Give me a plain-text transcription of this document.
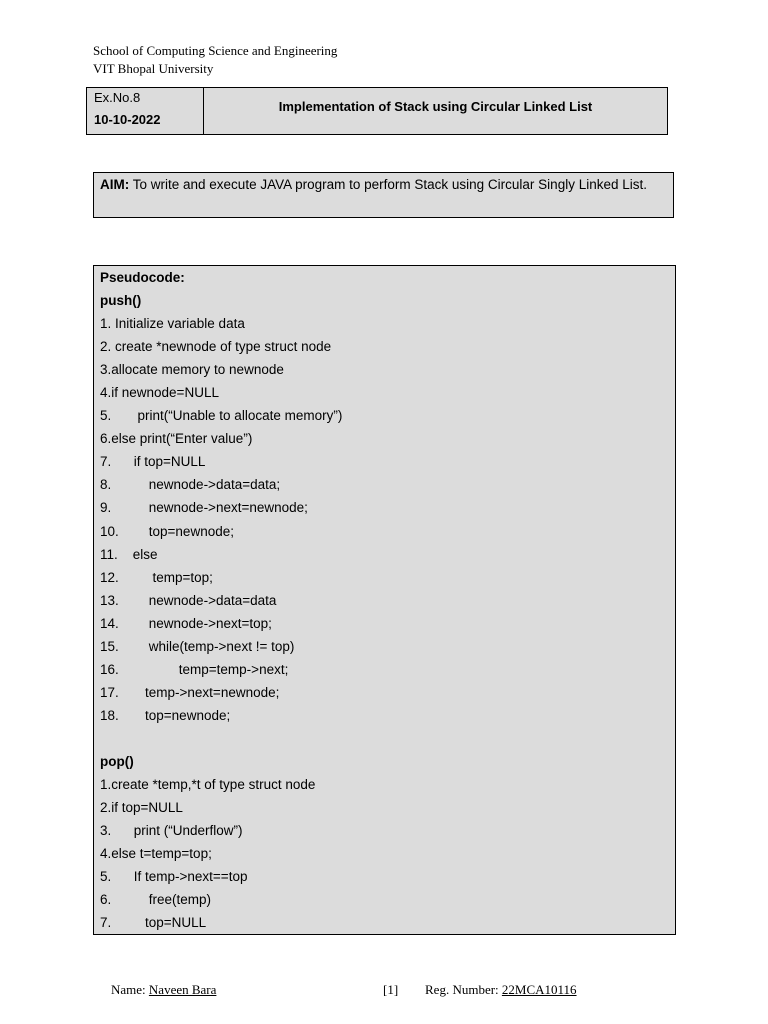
School of Computing Science and Engineering
VIT Bhopal University
Ex.No.8
10-10-2022
Implementation of Stack using Circular Linked List
AIM: To write and execute JAVA program to perform Stack using Circular Singly Linked List.
Pseudocode:
push()
1. Initialize variable data
2. create *newnode of type struct node
3.allocate memory to newnode
4.if newnode=NULL
5.       print(“Unable to allocate memory”)
6.else print(“Enter value”)
7.      if top=NULL
8.          newnode->data=data;
9.          newnode->next=newnode;
10.        top=newnode;
11.    else
12.         temp=top;
13.        newnode->data=data
14.        newnode->next=top;
15.        while(temp->next != top)
16.                temp=temp->next;
17.       temp->next=newnode;
18.       top=newnode;
pop()
1.create *temp,*t of type struct node
2.if top=NULL
3.      print (“Underflow”)
4.else t=temp=top;
5.      If temp->next==top
6.          free(temp)
7.         top=NULL
Name: Naveen Bara	[1] Reg. Number: 22MCA10116
